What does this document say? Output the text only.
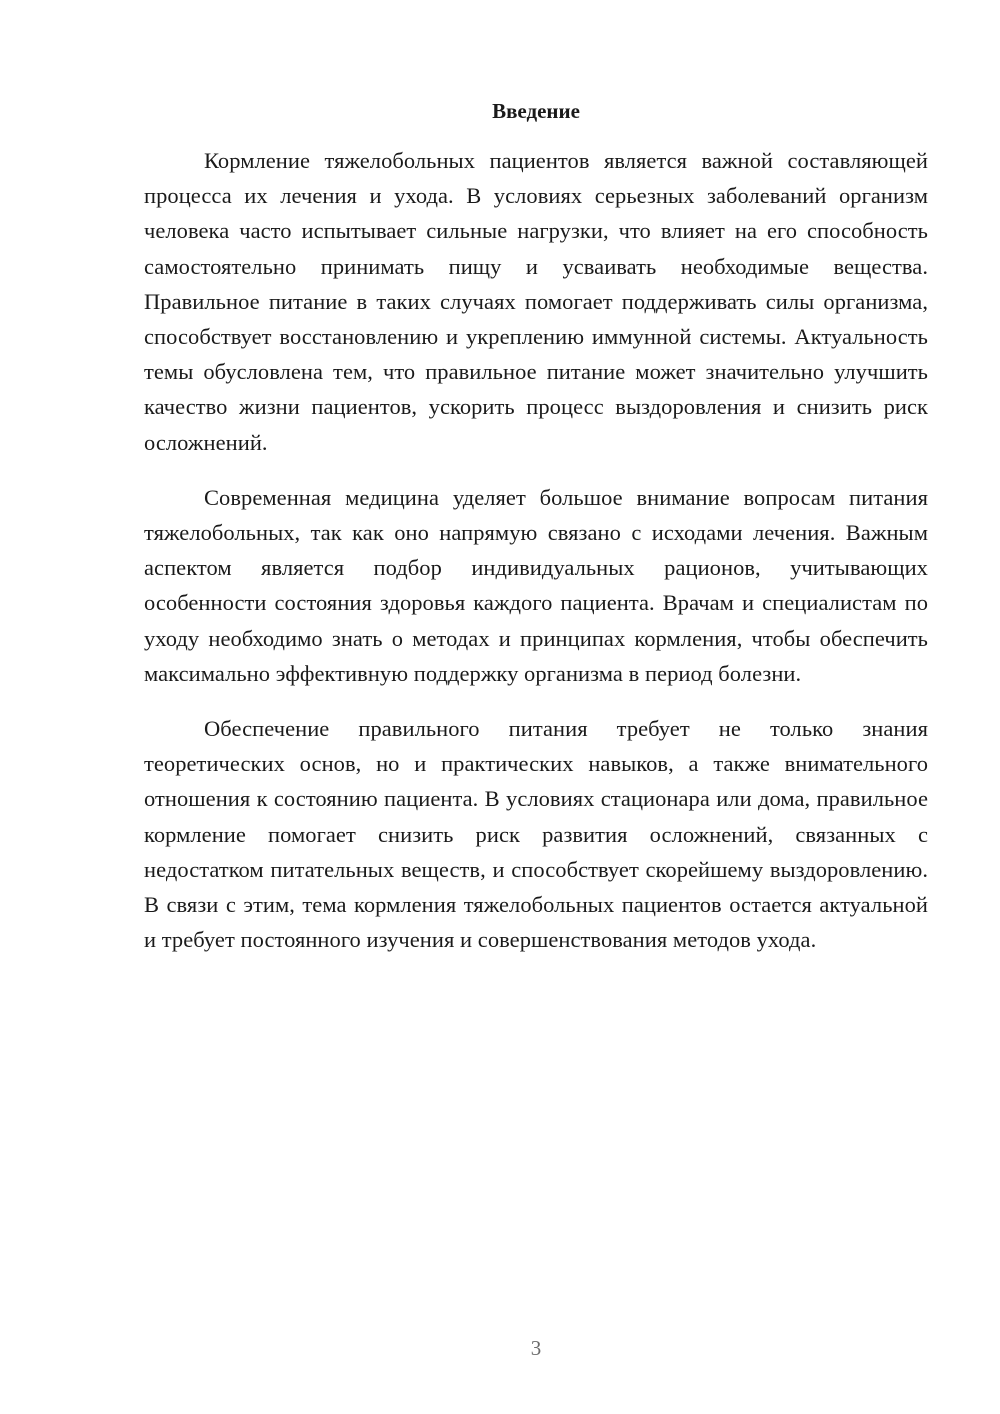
Введение

Кормление тяжелобольных пациентов является важной составляющей процесса их лечения и ухода. В условиях серьезных заболеваний организм человека часто испытывает сильные нагрузки, что влияет на его способность самостоятельно принимать пищу и усваивать необходимые вещества. Правильное питание в таких случаях помогает поддерживать силы организма, способствует восстановлению и укреплению иммунной системы. Актуальность темы обусловлена тем, что правильное питание может значительно улучшить качество жизни пациентов, ускорить процесс выздоровления и снизить риск осложнений.

Современная медицина уделяет большое внимание вопросам питания тяжелобольных, так как оно напрямую связано с исходами лечения. Важным аспектом является подбор индивидуальных рационов, учитывающих особенности состояния здоровья каждого пациента. Врачам и специалистам по уходу необходимо знать о методах и принципах кормления, чтобы обеспечить максимально эффективную поддержку организма в период болезни.

Обеспечение правильного питания требует не только знания теоретических основ, но и практических навыков, а также внимательного отношения к состоянию пациента. В условиях стационара или дома, правильное кормление помогает снизить риск развития осложнений, связанных с недостатком питательных веществ, и способствует скорейшему выздоровлению. В связи с этим, тема кормления тяжелобольных пациентов остается актуальной и требует постоянного изучения и совершенствования методов ухода.

3
